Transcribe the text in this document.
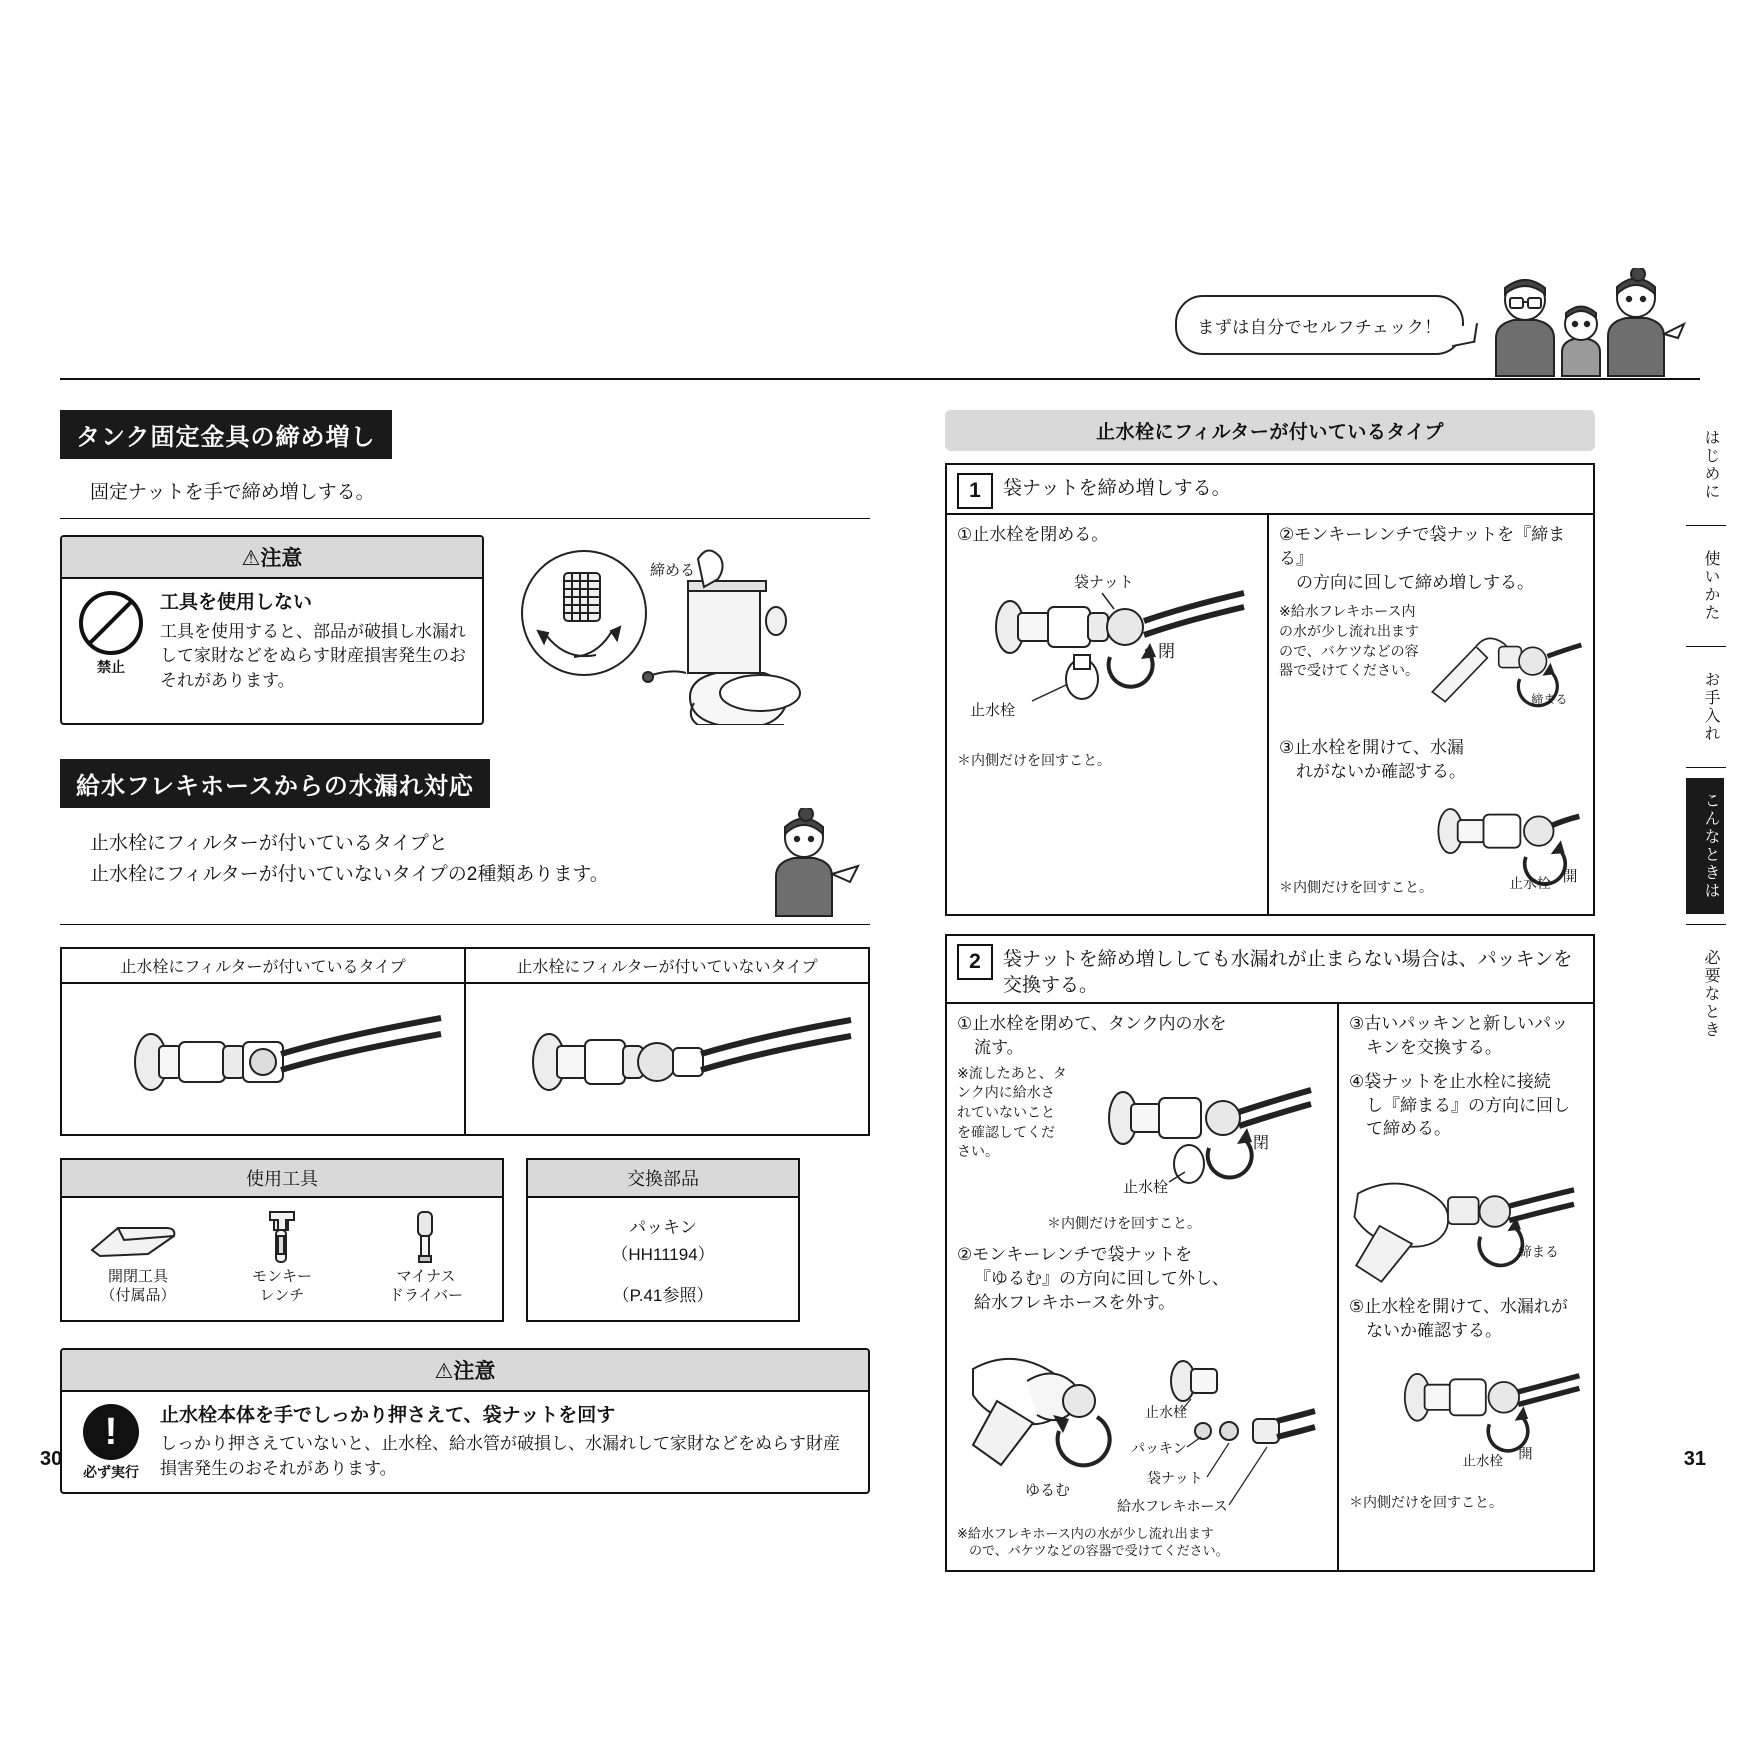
まずは自分でセルフチェック！
タンク固定金具の締め増し
固定ナットを手で締め増しする。
⚠注意
禁止
工具を使用しない
工具を使用すると、部品が破損し水漏れして家財などをぬらす財産損害発生のおそれがあります。
締める
給水フレキホースからの水漏れ対応
止水栓にフィルターが付いているタイプと
止水栓にフィルターが付いていないタイプの2種類あります。
止水栓にフィルターが付いているタイプ	止水栓にフィルターが付いていないタイプ
使用工具
開閉工具
（付属品）
モンキー
レンチ
マイナス
ドライバー
交換部品
パッキン
（HH11194）
（P.41参照）
⚠注意
!
必ず実行
止水栓本体を手でしっかり押さえて、袋ナットを回す
しっかり押さえていないと、止水栓、給水管が破損し、水漏れして家財などをぬらす財産損害発生のおそれがあります。
止水栓にフィルターが付いているタイプ
1	袋ナットを締め増しする。
①止水栓を閉める。
閉
袋ナット
止水栓
＊内側だけを回すこと。
②モンキーレンチで袋ナットを『締まる』
の方向に回して締め増しする。
※給水フレキホース内の水が少し流れ出ますので、バケツなどの容器で受けてください。
締まる
③止水栓を開けて、水漏
れがないか確認する。
止水栓 開
＊内側だけを回すこと。
2	袋ナットを締め増ししても水漏れが止まらない場合は、パッキンを
交換する。
①止水栓を閉めて、タンク内の水を
流す。
※流したあと、タンク内に給水されていないことを確認してください。	閉
止水栓
＊内側だけを回すこと。
②モンキーレンチで袋ナットを
『ゆるむ』の方向に回して外し、
給水フレキホースを外す。
ゆるむ
止水栓
パッキン
袋ナット
給水フレキホース
※給水フレキホース内の水が少し流れ出ます
ので、バケツなどの容器で受けてください。
③古いパッキンと新しいパッ
キンを交換する。
④袋ナットを止水栓に接続
し『締まる』の方向に回し
て締める。
締まる
⑤止水栓を開けて、水漏れが
ないか確認する。
止水栓 開
＊内側だけを回すこと。
はじめに
使いかた
お手入れ
こんなときは
必要なとき
30	31
